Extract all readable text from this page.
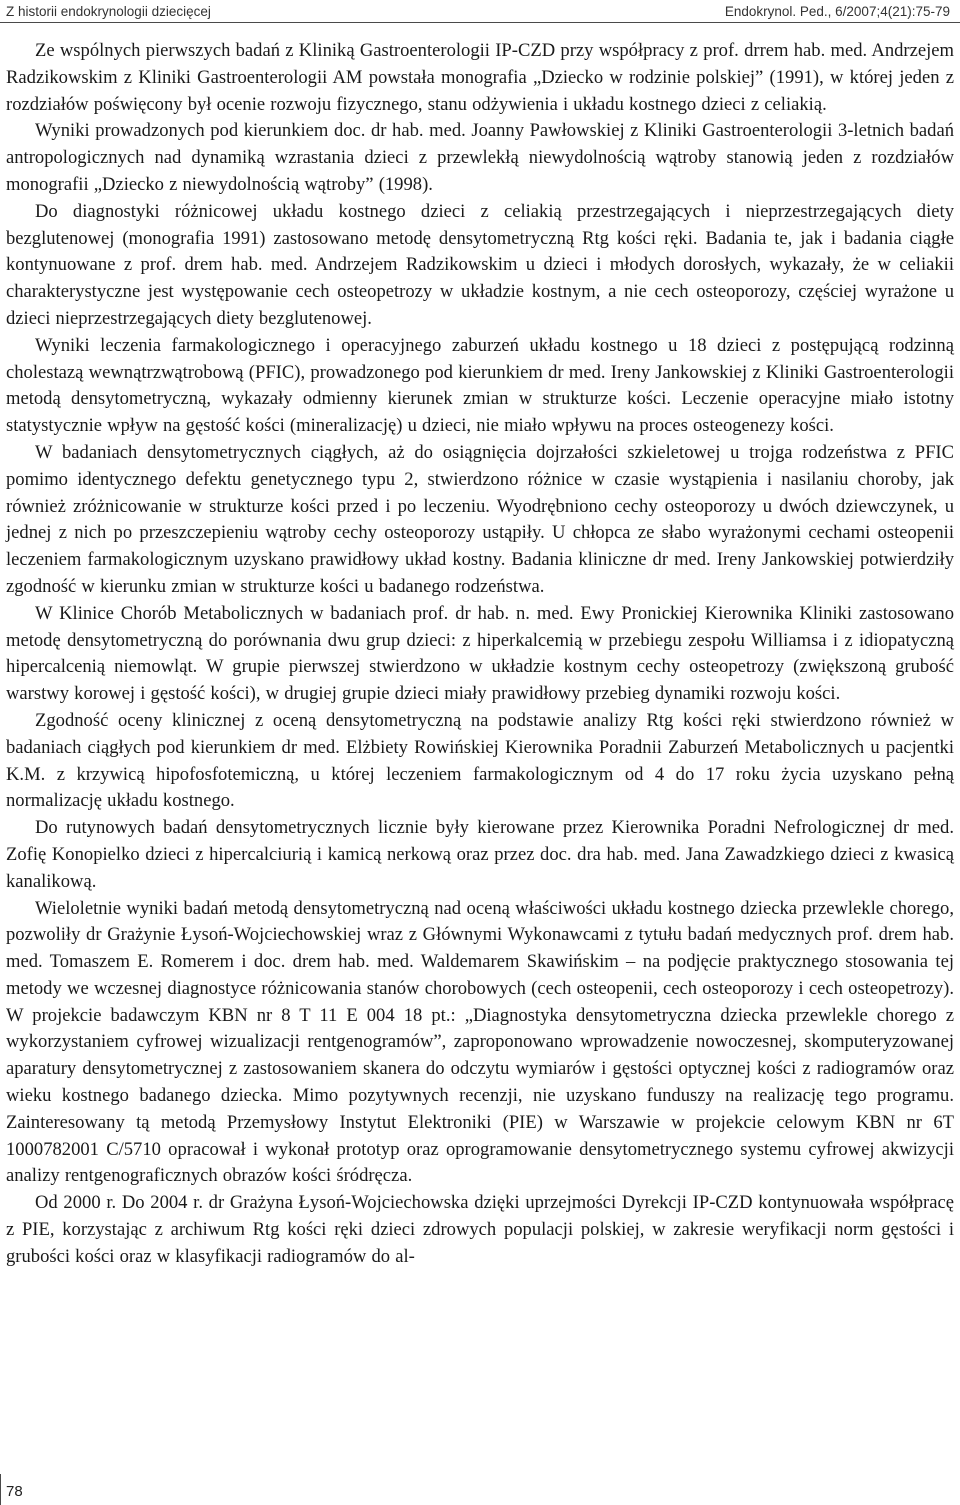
Z historii endokrynologii dziecięcej	Endokrynol. Ped., 6/2007;4(21):75-79

Ze wspólnych pierwszych badań z Kliniką Gastroenterologii IP-CZD przy współpracy z prof. drrem hab. med. Andrzejem Radzikowskim z Kliniki Gastroenterologii AM powstała monografia „Dziecko w rodzinie polskiej” (1991), w której jeden z rozdziałów poświęcony był ocenie rozwoju fizycznego, stanu odżywienia i układu kostnego dzieci z celiakią.

Wyniki prowadzonych pod kierunkiem doc. dr hab. med. Joanny Pawłowskiej z Kliniki Gastroenterologii 3-letnich badań antropologicznych nad dynamiką wzrastania dzieci z przewlekłą niewydolnością wątroby stanowią jeden z rozdziałów monografii „Dziecko z niewydolnością wątroby” (1998).

Do diagnostyki różnicowej układu kostnego dzieci z celiakią przestrzegających i nieprzestrzegających diety bezglutenowej (monografia 1991) zastosowano metodę densytometryczną Rtg kości ręki. Badania te, jak i badania ciągłe kontynuowane z prof. drem hab. med. Andrzejem Radzikowskim u dzieci i młodych dorosłych, wykazały, że w celiakii charakterystyczne jest występowanie cech osteopetrozy w układzie kostnym, a nie cech osteoporozy, częściej wyrażone u dzieci nieprzestrzegających diety bezglutenowej.

Wyniki leczenia farmakologicznego i operacyjnego zaburzeń układu kostnego u 18 dzieci z postępującą rodzinną cholestazą wewnątrzwątrobową (PFIC), prowadzonego pod kierunkiem dr med. Ireny Jankowskiej z Kliniki Gastroenterologii metodą densytometryczną, wykazały odmienny kierunek zmian w strukturze kości. Leczenie operacyjne miało istotny statystycznie wpływ na gęstość kości (mineralizację) u dzieci, nie miało wpływu na proces osteogenezy kości.

W badaniach densytometrycznych ciągłych, aż do osiągnięcia dojrzałości szkieletowej u trojga rodzeństwa z PFIC pomimo identycznego defektu genetycznego typu 2, stwierdzono różnice w czasie wystąpienia i nasilaniu choroby, jak również zróżnicowanie w strukturze kości przed i po leczeniu. Wyodrębniono cechy osteoporozy u dwóch dziewczynek, u jednej z nich po przeszczepieniu wątroby cechy osteoporozy ustąpiły. U chłopca ze słabo wyrażonymi cechami osteopenii leczeniem farmakologicznym uzyskano prawidłowy układ kostny. Badania kliniczne dr med. Ireny Jankowskiej potwierdziły zgodność w kierunku zmian w strukturze kości u badanego rodzeństwa.

W Klinice Chorób Metabolicznych w badaniach prof. dr hab. n. med. Ewy Pronickiej Kierownika Kliniki zastosowano metodę densytometryczną do porównania dwu grup dzieci: z hiperkalcemią w przebiegu zespołu Williamsa i z idiopatyczną hipercalcenią niemowląt. W grupie pierwszej stwierdzono w układzie kostnym cechy osteopetrozy (zwiększoną grubość warstwy korowej i gęstość kości), w drugiej grupie dzieci miały prawidłowy przebieg dynamiki rozwoju kości.

Zgodność oceny klinicznej z oceną densytometryczną na podstawie analizy Rtg kości ręki stwierdzono również w badaniach ciągłych pod kierunkiem dr med. Elżbiety Rowińskiej Kierownika Poradnii Zaburzeń Metabolicznych u pacjentki K.M. z krzywicą hipofosfotemiczną, u której leczeniem farmakologicznym od 4 do 17 roku życia uzyskano pełną normalizację układu kostnego.

Do rutynowych badań densytometrycznych licznie były kierowane przez Kierownika Poradni Nefrologicznej dr med. Zofię Konopielko dzieci z hipercalciurią i kamicą nerkową oraz przez doc. dra hab. med. Jana Zawadzkiego dzieci z kwasicą kanalikową.

Wieloletnie wyniki badań metodą densytometryczną nad oceną właściwości układu kostnego dziecka przewlekle chorego, pozwoliły dr Grażynie Łysoń-Wojciechowskiej wraz z Głównymi Wykonawcami z tytułu badań medycznych prof. drem hab. med. Tomaszem E. Romerem i doc. drem hab. med. Waldemarem Skawińskim – na podjęcie praktycznego stosowania tej metody we wczesnej diagnostyce różnicowania stanów chorobowych (cech osteopenii, cech osteoporozy i cech osteopetrozy). W projekcie badawczym KBN nr 8 T 11 E 004 18 pt.: „Diagnostyka densytometryczna dziecka przewlekle chorego z wykorzystaniem cyfrowej wizualizacji rentgenogramów”, zaproponowano wprowadzenie nowoczesnej, skomputeryzowanej aparatury densytometrycznej z zastosowaniem skanera do odczytu wymiarów i gęstości optycznej kości z radiogramów oraz wieku kostnego badanego dziecka. Mimo pozytywnych recenzji, nie uzyskano funduszy na realizację tego programu. Zainteresowany tą metodą Przemysłowy Instytut Elektroniki (PIE) w Warszawie w projekcie celowym KBN nr 6T 1000782001 C/5710 opracował i wykonał prototyp oraz oprogramowanie densytometrycznego systemu cyfrowej akwizycji analizy rentgenograficznych obrazów kości śródręcza.

Od 2000 r. Do 2004 r. dr Grażyna Łysoń-Wojciechowska dzięki uprzejmości Dyrekcji IP-CZD kontynuowała współpracę z PIE, korzystając z archiwum Rtg kości ręki dzieci zdrowych populacji polskiej, w zakresie weryfikacji norm gęstości i grubości kości oraz w klasyfikacji radiogramów do al-

78
